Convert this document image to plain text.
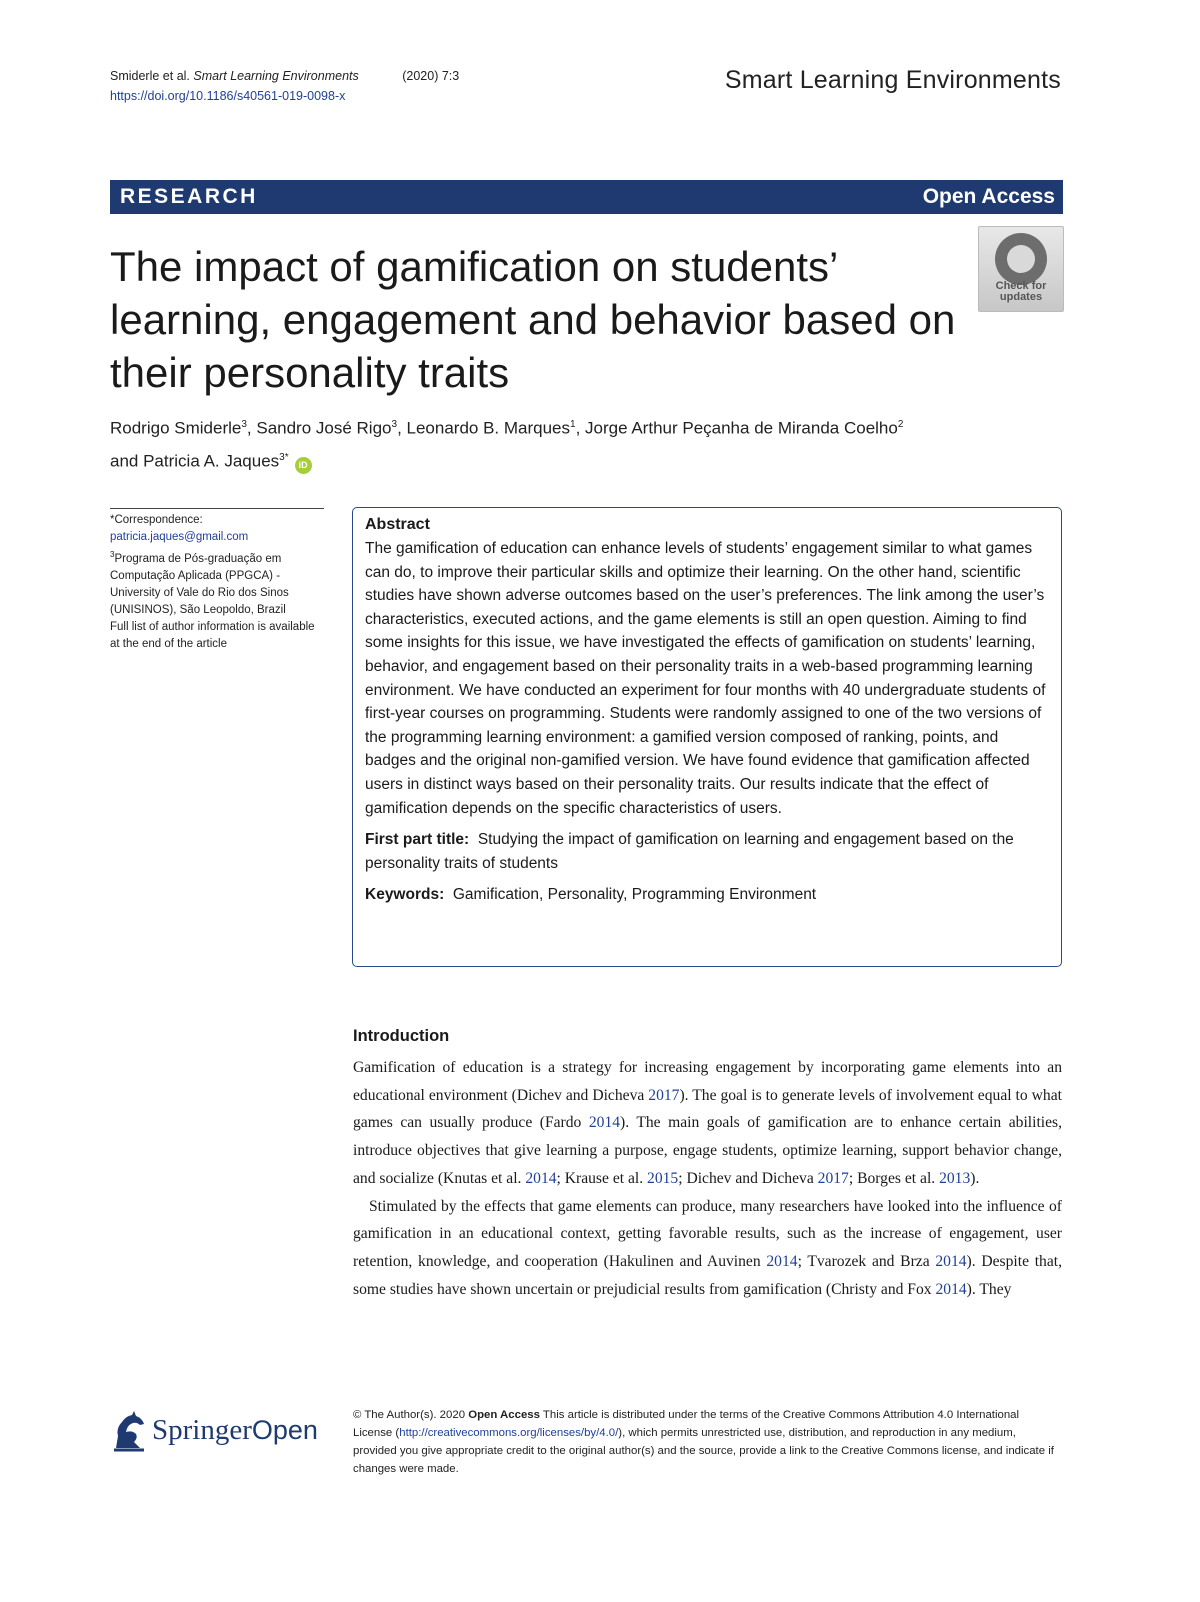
Smiderle et al. Smart Learning Environments	(2020) 7:3
https://doi.org/10.1186/s40561-019-0098-x
Smart Learning Environments
RESEARCH	Open Access
The impact of gamification on students’ learning, engagement and behavior based on their personality traits
Check for
updates
Rodrigo Smiderle$^3$, Sandro José Rigo$^3$, Leonardo B. Marques$^1$, Jorge Arthur Peçanha de Miranda Coelho$^2$
and Patricia A. Jaques$^{3*}$iD
*Correspondence:
patricia.jaques@gmail.com
$^3$Programa de Pós-graduação em Computação Aplicada (PPGCA) - University of Vale do Rio dos Sinos (UNISINOS), São Leopoldo, Brazil
Full list of author information is available at the end of the article
Abstract
The gamification of education can enhance levels of students’ engagement similar to what games can do, to improve their particular skills and optimize their learning. On the other hand, scientific studies have shown adverse outcomes based on the user’s preferences. The link among the user’s characteristics, executed actions, and the game elements is still an open question. Aiming to find some insights for this issue, we have investigated the effects of gamification on students’ learning, behavior, and engagement based on their personality traits in a web-based programming learning environment. We have conducted an experiment for four months with 40 undergraduate students of first-year courses on programming. Students were randomly assigned to one of the two versions of the programming learning environment: a gamified version composed of ranking, points, and badges and the original non-gamified version. We have found evidence that gamification affected users in distinct ways based on their personality traits. Our results indicate that the effect of gamification depends on the specific characteristics of users.
First part title: Studying the impact of gamification on learning and engagement based on the personality traits of students
Keywords: Gamification, Personality, Programming Environment
Introduction

Gamification of education is a strategy for increasing engagement by incorporating game elements into an educational environment (Dichev and Dicheva 2017). The goal is to generate levels of involvement equal to what games can usually produce (Fardo 2014). The main goals of gamification are to enhance certain abilities, introduce objectives that give learning a purpose, engage students, optimize learning, support behavior change, and socialize (Knutas et al. 2014; Krause et al. 2015; Dichev and Dicheva 2017; Borges et al. 2013).

Stimulated by the effects that game elements can produce, many researchers have looked into the influence of gamification in an educational context, getting favorable results, such as the increase of engagement, user retention, knowledge, and cooperation (Hakulinen and Auvinen 2014; Tvarozek and Brza 2014). Despite that, some studies have shown uncertain or prejudicial results from gamification (Christy and Fox 2014). They

SpringerOpen	© The Author(s). 2020 Open Access This article is distributed under the terms of the Creative Commons Attribution 4.0 International License (http://creativecommons.org/licenses/by/4.0/), which permits unrestricted use, distribution, and reproduction in any medium, provided you give appropriate credit to the original author(s) and the source, provide a link to the Creative Commons license, and indicate if changes were made.
